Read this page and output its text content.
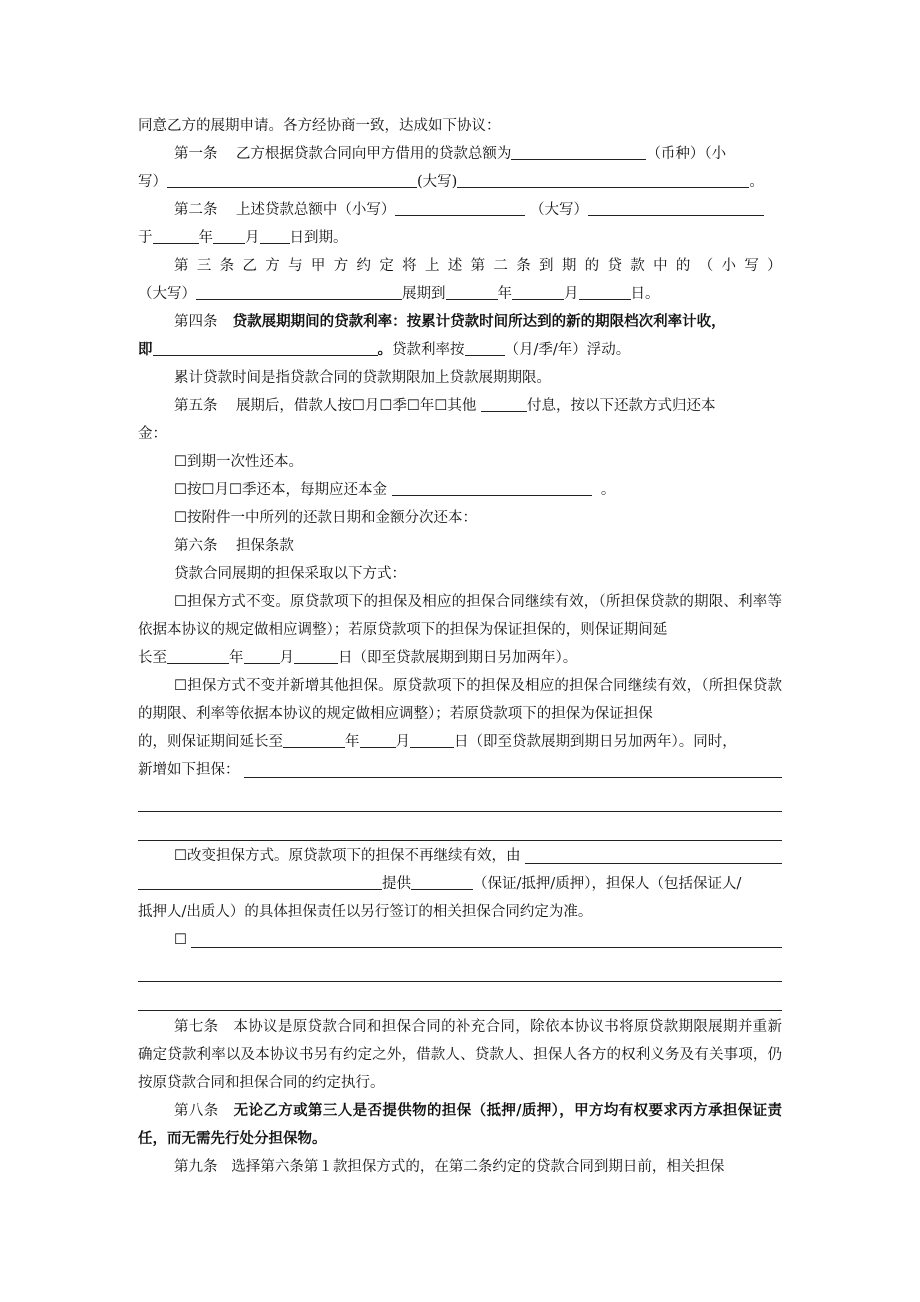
同意乙方的展期申请。各方经协商一致，达成如下协议：

第一条 乙方根据贷款合同向甲方借用的贷款总额为	（币种）（小

写）	(大写)	。

第二条 上述贷款总额中（小写）	（大写）

于	年 月 日到期。

第 三 条 乙 方 与 甲 方 约 定 将 上 述 第 二 条 到 期 的 贷 款 中 的 （ 小 写 ）

（大写）	展期到	年	月	日。

第四条 贷款展期期间的贷款利率：按累计贷款时间所达到的新的期限档次利率计收，

即	。贷款利率按	（月/季/年）浮动。

累计贷款时间是指贷款合同的贷款期限加上贷款展期期限。

第五条 展期后，借款人按☐月☐季☐年☐其他	付息，按以下还款方式归还本

金：

☐到期一次性还本。

☐按☐月☐季还本，每期应还本金	。

☐按附件一中所列的还款日期和金额分次还本：

第六条 担保条款

贷款合同展期的担保采取以下方式：

☐担保方式不变。原贷款项下的担保及相应的担保合同继续有效，（所担保贷款的期限、利率等依据本协议的规定做相应调整）；若原贷款项下的担保为保证担保的，则保证期间延

长至	年 月	日（即至贷款展期到期日另加两年）。

☐担保方式不变并新增其他担保。原贷款项下的担保及相应的担保合同继续有效，（所担保贷款的期限、利率等依据本协议的规定做相应调整）；若原贷款项下的担保为保证担保

的，则保证期间延长至	年 月	日（即至贷款展期到期日另加两年）。同时，

新增如下担保：
☐改变担保方式。原贷款项下的担保不再继续有效，由

提供	（保证/抵押/质押），担保人（包括保证人/

抵押人/出质人）的具体担保责任以另行签订的相关担保合同约定为准。

☐

第七条 本协议是原贷款合同和担保合同的补充合同，除依本协议书将原贷款期限展期并重新确定贷款利率以及本协议书另有约定之外，借款人、贷款人、担保人各方的权利义务及有关事项，仍按原贷款合同和担保合同的约定执行。

第八条 无论乙方或第三人是否提供物的担保（抵押/质押），甲方均有权要求丙方承担保证责任，而无需先行处分担保物。

第九条 选择第六条第１款担保方式的，在第二条约定的贷款合同到期日前，相关担保
